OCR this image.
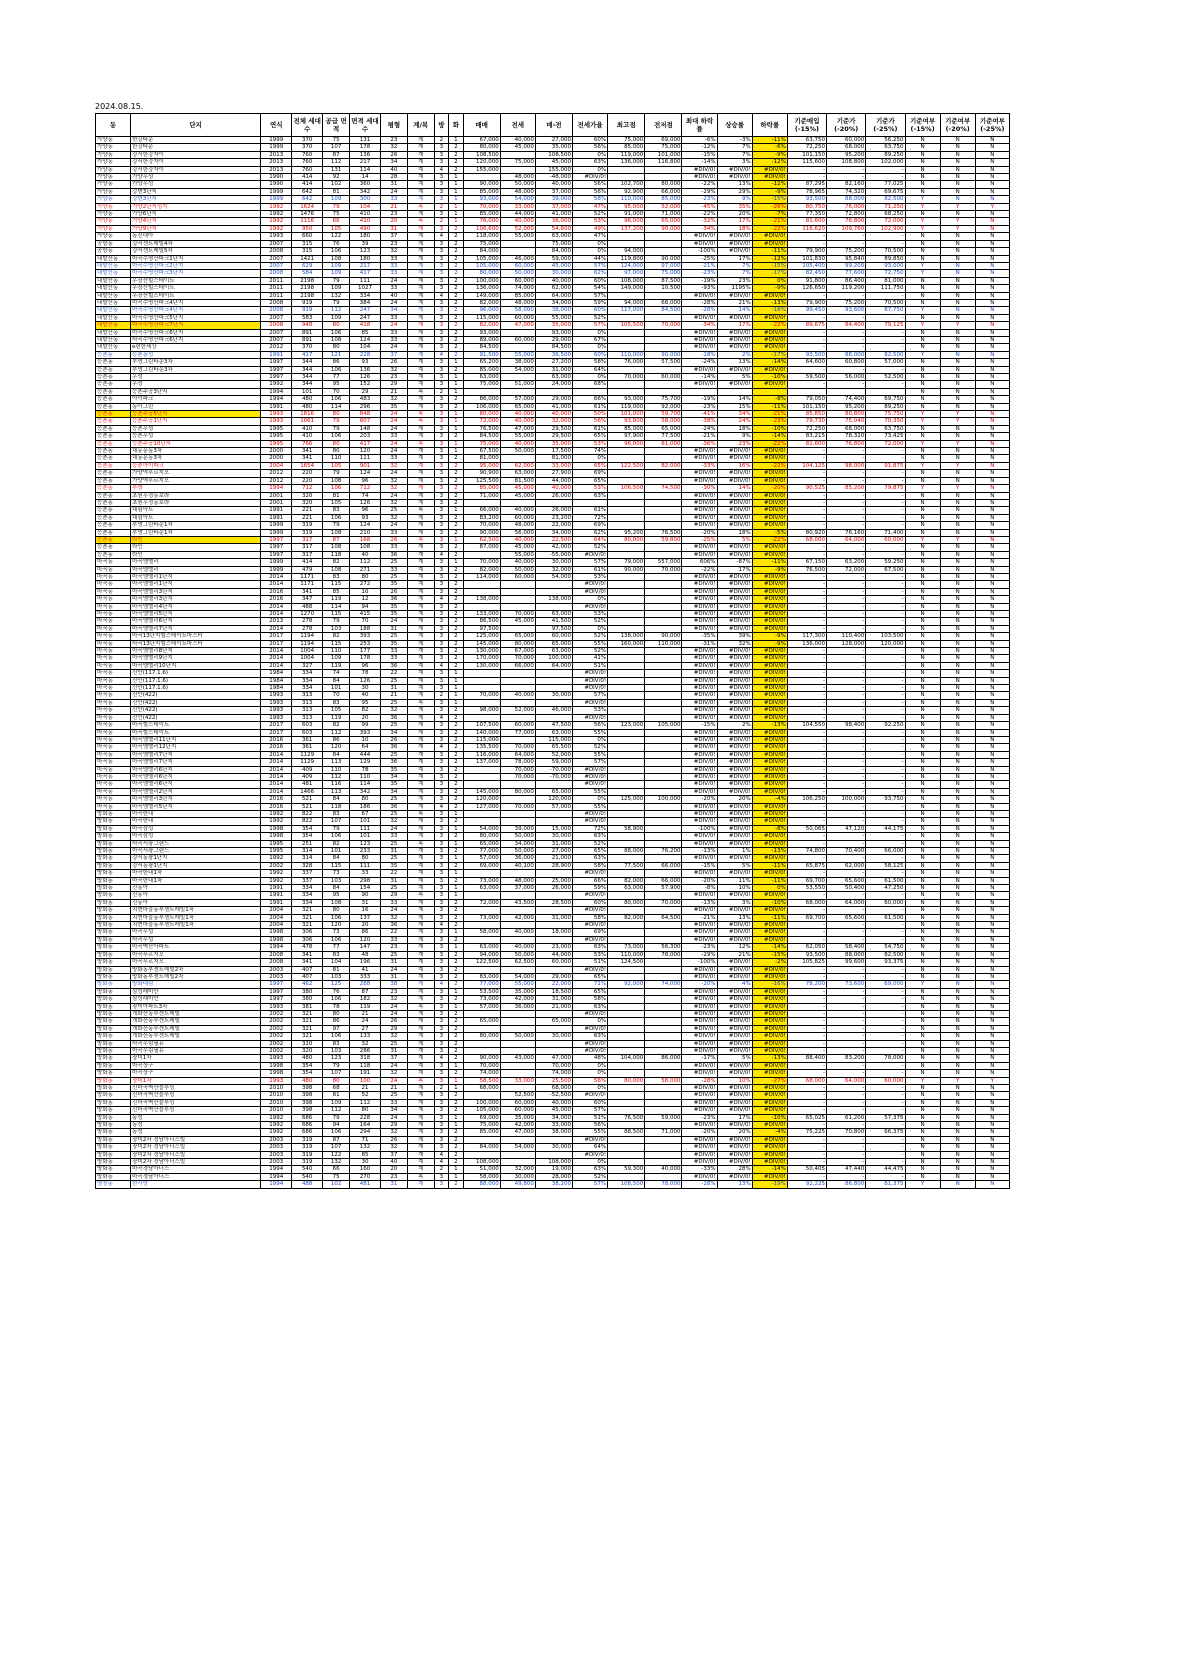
2024.08.15.
동	단지	연식	전체 세대수	공급 면적	면적 세대수	평형	계/복	방	화	매매	전세	매-전	전세가율	최고점	전저점	최대 하락률	상승률	하락률	기준매입 (-15%)	기준가 (-20%)	기준가 (-25%)	기준여부 (-15%)	기준여부 (-20%)	기준여부 (-25%)
가양동	한강타운	1999	370	75	131	23	계	2	1	67,000	40,000	27,000	60%	75,000	69,000	-6%	-3%	-11%	63,750	60,000	56,250	N	N	N
가양동	한강타운	1999	370	107	178	32	계	3	2	80,000	45,000	35,000	56%	85,000	75,000	-12%	7%	-6%	72,250	68,000	63,750	N	N	N
가양동	강서한강자이	2013	760	87	136	26	계	3	2	108,500		108,500	0%	119,000	101,000	-15%	7%	-9%	101,150	95,200	89,250	N	N	N
가양동	강서한강자이	2013	760	112	217	34	계	3	2	120,000	75,000	45,000	63%	136,000	116,800	-14%	3%	-12%	115,600	108,800	102,000	N	N	N
가양동	강서한강자이	2013	760	131	114	40	계	4	2	155,000		155,000	0%			#DIV/0!	#DIV/0!	#DIV/0!	-	-	-	N	N	N
가양동	가양우성	1990	414	92	14	28	계	3	1		48,000	-48,000	#DIV/0!			#DIV/0!	#DIV/0!	#DIV/0!	-	-	-	N	N	N
가양동	가양우성	1990	414	102	360	31	계	3	1	90,000	50,000	40,000	56%	102,700	80,000	-22%	13%	-12%	87,295	82,160	77,025	N	N	N
가양동	강변3단지	1999	642	81	342	24	계	3	1	85,000	48,000	37,000	56%	92,900	66,000	-29%	29%	-9%	78,965	74,320	69,675	N	N	N
가양동	강변3단지	1999	642	109	300	33	계	3	1	93,000	54,000	39,000	58%	110,000	85,000	-23%	9%	-15%	93,500	88,000	82,500	Y	N	N
가양동	가양2단지성지	1992	1624	79	104	21	복	2	1	70,000	33,000	37,000	47%	95,000	52,000	-45%	35%	-26%	80,750	76,000	71,250	Y	Y	Y
가양동	가양6단지	1992	1476	75	410	23	계	3	1	85,000	44,000	41,000	52%	91,000	71,000	-22%	20%	-7%	77,350	72,800	68,250	N	N	N
가양동	가양4단지	1992	1116	66	410	20	복	2	1	76,000	40,000	36,000	53%	96,000	65,000	-32%	17%	-21%	81,600	76,800	72,000	Y	Y	N
가양동	가양9단지	1992	950	105	490	31	계	3	2	106,600	52,000	54,600	49%	137,200	90,000	-34%	18%	-22%	116,620	109,760	102,900	Y	Y	N
가양동	동신대아	1993	660	122	180	37	계	4	2	118,000	55,000	63,000	47%			#DIV/0!	#DIV/0!	#DIV/0!	-	-	-	N	N	N
공항동	강서센트레빌4차	2007	315	76	39	23	계	3	2	75,000		75,000	0%			#DIV/0!	#DIV/0!	#DIV/0!	-	-	-	N	N	N
공항동	강서센트레빌5차	2008	315	106	123	32	계	3	2	84,000		84,000	0%	94,000		-100%	#DIV/0!	-11%	79,900	75,200	70,500	N	N	N
내발산동	마곡수명산파크1단지	2007	1421	108	180	33	계	3	2	105,000	46,000	59,000	44%	119,800	90,000	-25%	17%	-12%	101,830	95,840	89,850	N	N	N
내발산동	마곡수명산파크2단지	2007	629	109	217	33	계	3	2	105,000	60,000	45,000	57%	124,000	97,000	-21%	7%	-15%	105,400	99,200	93,000	Y	N	N
내발산동	마곡수명산파크3단지	2008	584	109	417	33	계	3	2	80,000	50,000	30,000	62%	97,000	75,000	-23%	7%	-17%	82,450	77,600	72,750	Y	N	N
내발산동	우장산힐스테이트	2011	2198	79	111	24	계	3	2	100,000	60,000	40,000	60%	108,000	87,500	-19%	23%	0%	91,800	86,400	81,000	N	N	N
내발산동	우장산힐스테이트	2011	2198	109	1027	33	계	3	2	136,000	74,000	62,000	54%	149,000	10,500	-93%	1195%	-9%	126,650	119,200	111,750	N	N	N
내발산동	우장산힐스테이트	2011	2198	132	334	40	계	4	2	149,000	85,000	64,000	57%			#DIV/0!	#DIV/0!	#DIV/0!	-	-	-	N	N	N
내발산동	마곡수명산파크4단지	2008	919	79	384	24	계	3	2	82,000	48,000	34,000	59%	94,000	68,000	-28%	21%	-13%	79,900	75,200	70,500	N	N	N
내발산동	마곡수명산파크4단지	2008	919	112	247	34	계	3	2	96,000	58,000	38,000	60%	117,000	84,500	-28%	14%	-18%	99,450	93,600	87,750	Y	N	N
내발산동	마곡수명산파크5단지	2007	583	109	247	33	계	3	2	115,000	60,000	55,000	52%			#DIV/0!	#DIV/0!	#DIV/0!	-	-	-	N	N	N
내발산동	마곡수명산파크7단지	2008	948	80	418	24	계	3	2	82,000	47,000	35,000	57%	105,500	70,000	-34%	17%	-22%	89,675	84,400	79,125	Y	Y	N
내발산동	마곡수명산파크6단지	2007	891	106	85	33	계	3	2	93,000		93,000	0%			#DIV/0!	#DIV/0!	#DIV/0!	-	-	-	N	N	N
내발산동	마곡수명산파크6단지	2007	891	108	124	33	계	3	2	89,000	60,000	29,000	67%			#DIV/0!	#DIV/0!	#DIV/0!	-	-	-	N	N	N
내발산동	e편한세상	2012	370	80	104	24	계	3	2	84,500		84,500	0%			#DIV/0!	#DIV/0!	#DIV/0!	-	-	-	N	N	N
등촌동	등촌동성	1991	417	121	228	37	계	4	2	91,500	55,000	36,500	60%	110,000	90,000	-18%	2%	-17%	93,500	88,000	82,500	Y	N	N
등촌동	부영그린타운3차	1997	344	86	93	26	계	3	1	65,200	38,000	27,200	58%	76,000	57,500	-24%	13%	-14%	64,600	60,800	57,000	N	N	N
등촌동	부영그린타운3차	1997	344	106	136	32	계	3	2	85,000	54,000	31,000	64%			#DIV/0!	#DIV/0!	#DIV/0!	-	-	-	N	N	N
등촌동	우성	1997	344	77	126	23	계	3	1	63,000		63,000	0%	70,000	60,000	-14%	5%	-10%	59,500	56,000	52,500	N	N	N
등촌동	우성	1992	344	95	152	29	계	3	1	75,000	51,000	24,000	68%			#DIV/0!	#DIV/0!	#DIV/0!	-	-	-	N	N	N
등촌동	등촌주공3단지	1994	101	70	29	21	복	2	1													N	N	N
등촌동	아이파크	1994	480	106	483	32	계	3	2	86,000	57,000	29,000	66%	93,000	75,700	-19%	14%	-8%	79,050	74,400	69,750	N	N	N
등촌동	동아그린	1991	480	114	296	35	계	3	2	106,000	65,000	41,000	61%	119,000	92,000	-23%	15%	-11%	101,150	95,200	89,250	N	N	N
등촌동	등촌주공5단지	1993	1816	80	848	24	복	3	1	80,000	40,000	40,000	50%	101,000	59,700	-41%	34%	-21%	85,850	80,800	75,750	Y	Y	N
등촌동	등촌주공1단지	1993	1061	79	807	24	복	3	1	72,000	40,000	32,000	56%	93,800	58,000	-38%	24%	-23%	79,730	75,040	70,350	Y	Y	N
등촌동	등촌우성	1995	410	79	148	24	계	3	1	76,500	47,000	29,500	61%	85,000	65,000	-24%	18%	-10%	72,250	68,000	63,750	N	N	N
등촌동	등촌우성	1995	410	106	203	33	계	3	2	84,500	55,000	29,500	65%	97,900	77,500	-21%	9%	-14%	83,215	78,320	73,425	N	N	N
등촌동	등촌주공10단지	1995	766	80	417	24	복	3	1	75,000	40,000	35,000	53%	96,000	61,000	-36%	23%	-22%	81,600	76,800	72,000	Y	Y	N
등촌동	대동문동3차	2000	341	80	120	24	계	3	1	67,500	50,000	17,500	74%			#DIV/0!	#DIV/0!	#DIV/0!	-	-	-	N	N	N
등촌동	대동문동3차	2000	341	110	111	33	계	3	2	81,000		81,000	0%			#DIV/0!	#DIV/0!	#DIV/0!	-	-	-	N	N	N
등촌동	등촌아이파크	2004	1654	105	901	32	계	3	2	95,000	62,000	33,000	65%	122,500	82,000	-33%	16%	-22%	104,125	98,000	91,875	Y	Y	N
등촌동	가양역푸르지오	2012	220	79	124	24	계	3	2	90,900	63,000	27,900	69%			#DIV/0!	#DIV/0!	#DIV/0!	-	-	-	N	N	N
등촌동	가양역푸르지오	2012	220	108	96	32	계	3	2	125,500	81,500	44,000	65%			#DIV/0!	#DIV/0!	#DIV/0!	-	-	-	N	N	N
등촌동	부영	1994	712	106	712	32	계	3	2	85,000	45,000	40,000	53%	106,500	74,500	-30%	14%	-20%	90,525	85,200	79,875	Y	Y	N
등촌동	초원우정동보라	2001	320	81	74	24	계	3	2	71,000	45,000	26,000	63%			#DIV/0!	#DIV/0!	#DIV/0!	-	-	-	N	N	N
등촌동	초원우정동보라	2001	320	105	126	32	계	3	2							#DIV/0!	#DIV/0!	#DIV/0!	-	-	-	N	N	N
등촌동	대림아트	1991	221	83	96	25	복	3	1	66,000	40,000	26,000	61%			#DIV/0!	#DIV/0!	#DIV/0!	-	-	-	N	N	N
등촌동	대림아트	1991	221	106	93	32	계	3	2	83,200	60,000	23,200	72%			#DIV/0!	#DIV/0!	#DIV/0!	-	-	-	N	N	N
등촌동	부영그린타운1차	1999	319	79	124	24	계	3	2	70,000	48,000	22,000	69%			#DIV/0!	#DIV/0!	#DIV/0!	-	-	-	N	N	N
등촌동	부영그린타운1차	1999	319	108	210	33	계	3	2	90,000	56,000	34,000	62%	95,200	76,500	-20%	18%	-5%	80,920	76,160	71,400	N	N	N
등촌동	라인	1997	317	87	168	26	복	3	1	62,500	40,000	22,500	64%	80,000	59,800	-25%	5%	-22%	68,000	64,000	60,000	Y	Y	N
등촌동	라인	1997	317	108	108	33	계	3	2	87,000	45,000	42,000	52%			#DIV/0!	#DIV/0!	#DIV/0!	-	-	-	N	N	N
등촌동	라인	1997	317	118	40	36	계	4	2		55,000	-55,000	#DIV/0!			#DIV/0!	#DIV/0!	#DIV/0!	-	-	-	N	N	N
마곡동	마곡엠밸리	1999	414	82	112	25	계	3	1	70,000	40,000	30,000	57%	79,000	557,000	606%	-87%	-11%	67,150	63,200	59,250	N	N	N
마곡동	마곡엠밸리	1999	479	108	271	33	계	3	2	82,000	50,000	32,000	61%	90,000	70,000	-22%	17%	-9%	76,500	72,000	67,500	N	N	N
마곡동	마곡엠밸리1단지	2014	1171	83	80	25	계	3	2	114,000	60,000	54,000	53%			#DIV/0!	#DIV/0!	#DIV/0!	-	-	-	N	N	N
마곡동	마곡엠밸리1단지	2014	1171	115	272	35	계	3	2				#DIV/0!			#DIV/0!	#DIV/0!	#DIV/0!	-	-	-	N	N	N
마곡동	마곡엠밸리3단지	2016	341	85	10	26	계	3	2				#DIV/0!			#DIV/0!	#DIV/0!	#DIV/0!	-	-	-	N	N	N
마곡동	마곡엠밸리3단지	2016	347	119	12	36	계	4	2	138,000		138,000	0%			#DIV/0!	#DIV/0!	#DIV/0!	-	-	-	N	N	N
마곡동	마곡엠밸리4단지	2014	488	114	94	35	계	3	2				#DIV/0!			#DIV/0!	#DIV/0!	#DIV/0!	-	-	-	N	N	N
마곡동	마곡엠밸리5단지	2014	1270	115	415	35	계	3	2	133,000	70,000	63,000	53%			#DIV/0!	#DIV/0!	#DIV/0!	-	-	-	N	N	N
마곡동	마곡엠밸리6단지	2013	278	79	70	24	계	3	2	86,500	45,000	41,500	52%			#DIV/0!	#DIV/0!	#DIV/0!	-	-	-	N	N	N
마곡동	마곡엠밸리7단지	2014	278	103	188	31	계	3	2	97,500		97,500	0%			#DIV/0!	#DIV/0!	#DIV/0!	-	-	-	N	N	N
마곡동	마곡13단지힐스테이트마스터	2017	1194	82	393	25	계	3	2	125,000	65,000	60,000	52%	138,000	90,000	-35%	39%	-9%	117,300	110,400	103,500	N	N	N
마곡동	마곡13단지힐스테이트마스터	2017	1194	115	253	35	계	3	2	145,000	80,000	65,000	55%	160,000	110,000	-31%	32%	-9%	136,000	128,000	120,000	N	N	N
마곡동	마곡엠밸리8단지	2014	1004	110	177	33	계	3	2	130,000	67,000	63,000	52%			#DIV/0!	#DIV/0!	#DIV/0!	-	-	-	N	N	N
마곡동	마곡엠밸리9단지	2014	1004	109	178	33	계	3	2	170,000	70,000	100,000	41%			#DIV/0!	#DIV/0!	#DIV/0!	-	-	-	N	N	N
마곡동	마곡엠밸리10단지	2014	327	119	96	36	계	4	2	130,000	66,000	64,000	51%			#DIV/0!	#DIV/0!	#DIV/0!	-	-	-	N	N	N
마곡동	신안(117.1.6)	1984	334	74	78	22	계	3	1				#DIV/0!			#DIV/0!	#DIV/0!	#DIV/0!	-	-	-	N	N	N
마곡동	신안(117.1.6)	1984	334	84	126	25	계	3	1				#DIV/0!			#DIV/0!	#DIV/0!	#DIV/0!	-	-	-	N	N	N
마곡동	신안(117.1.6)	1984	334	101	30	31	계	3	1				#DIV/0!			#DIV/0!	#DIV/0!	#DIV/0!	-	-	-	N	N	N
마곡동	신안(422)	1993	313	70	40	21	계	2	1	70,000	40,000	30,000	57%			#DIV/0!	#DIV/0!	#DIV/0!	-	-	-	N	N	N
마곡동	신안(422)	1993	313	83	95	25	복	3	1				#DIV/0!			#DIV/0!	#DIV/0!	#DIV/0!	-	-	-	N	N	N
마곡동	신안(422)	1993	313	105	82	32	계	3	2	98,000	52,000	46,000	53%			#DIV/0!	#DIV/0!	#DIV/0!	-	-	-	N	N	N
마곡동	신안(422)	1993	313	119	20	36	계	4	2				#DIV/0!			#DIV/0!	#DIV/0!	#DIV/0!	-	-	-	N	N	N
마곡동	마곡힐스테이트	2017	603	82	99	25	계	3	2	107,500	60,000	47,500	56%	123,000	105,000	-15%	2%	-13%	104,550	98,400	92,250	N	N	N
마곡동	마곡힐스테이트	2017	603	112	393	34	계	3	2	140,000	77,000	63,000	55%			#DIV/0!	#DIV/0!	#DIV/0!	-	-	-	N	N	N
마곡동	마곡엠밸리11단지	2016	361	86	10	26	계	3	2	115,000		115,000	0%			#DIV/0!	#DIV/0!	#DIV/0!	-	-	-	N	N	N
마곡동	마곡엠밸리12단지	2016	361	120	64	36	계	4	2	135,500	70,000	65,500	52%			#DIV/0!	#DIV/0!	#DIV/0!	-	-	-	N	N	N
마곡동	마곡엠밸리7단지	2014	1129	84	444	25	계	3	2	116,000	64,000	52,000	55%			#DIV/0!	#DIV/0!	#DIV/0!	-	-	-	N	N	N
마곡동	마곡엠밸리7단지	2014	1129	113	129	36	계	3	2	137,000	78,000	59,000	57%			#DIV/0!	#DIV/0!	#DIV/0!	-	-	-	N	N	N
마곡동	마곡엠밸리6단지	2014	409	110	78	35	계	3	2		70,000	-70,000	#DIV/0!			#DIV/0!	#DIV/0!	#DIV/0!	-	-	-	N	N	N
마곡동	마곡엠밸리6단지	2014	409	112	110	34	계	3	2		70,000	-70,000	#DIV/0!			#DIV/0!	#DIV/0!	#DIV/0!	-	-	-	N	N	N
마곡동	마곡엠밸리6단지	2014	481	116	114	35	계	3	2				#DIV/0!			#DIV/0!	#DIV/0!	#DIV/0!	-	-	-	N	N	N
마곡동	마곡엠밸리2단지	2014	1466	113	342	34	계	3	2	145,000	80,000	65,000	55%			#DIV/0!	#DIV/0!	#DIV/0!	-	-	-	N	N	N
마곡동	마곡엠밸리3단지	2016	521	84	80	25	계	3	2	120,000		120,000	0%	125,000	100,000	-20%	20%	-4%	106,250	100,000	93,750	N	N	N
마곡동	마곡엠밸리5단지	2016	521	118	186	36	계	4	2	127,000	70,000	57,000	55%			#DIV/0!	#DIV/0!	#DIV/0!	-	-	-	N	N	N
방화동	마곡한내	1992	822	83	67	25	복	3	1				#DIV/0!			#DIV/0!	#DIV/0!	#DIV/0!	-	-	-	N	N	N
방화동	마곡한내	1992	822	107	101	32	계	3	2				#DIV/0!			#DIV/0!	#DIV/0!	#DIV/0!	-	-	-	N	N	N
방화동	마곡삼성	1998	354	79	111	24	계	3	1	54,000	39,000	15,000	72%	58,900		-100%	#DIV/0!	-8%	50,065	47,120	44,175	N	N	N
방화동	마곡삼성	1998	354	106	101	33	계	3	2	80,000	50,000	30,000	63%			#DIV/0!	#DIV/0!	#DIV/0!	-	-	-	N	N	N
방화동	마곡서광그랜드	1995	251	82	123	25	복	3	1	65,000	34,000	31,000	52%			#DIV/0!	#DIV/0!	#DIV/0!	-	-	-	N	N	N
방화동	마곡서광그랜드	1995	314	101	233	31	계	3	2	77,000	50,000	27,000	65%	88,000	76,200	-13%	1%	-13%	74,800	70,400	66,000	N	N	N
방화동	강서동광1단지	1992	314	84	80	25	계	3	1	57,000	36,000	21,000	63%			#DIV/0!	#DIV/0!	#DIV/0!	-	-	-	N	N	N
방화동	강서동광1단지	2002	328	115	111	35	계	3	2	69,000	40,100	28,900	58%	77,500	66,000	-15%	5%	-11%	65,875	62,000	58,125	N	N	N
방화동	마곡한내1차	1992	337	73	33	22	계	3	1				#DIV/0!			#DIV/0!	#DIV/0!	#DIV/0!	-	-	-	N	N	N
방화동	마곡한내1차	1992	337	103	298	31	계	3	2	73,000	48,000	25,000	66%	82,000	66,000	-20%	11%	-11%	69,700	65,600	61,500	N	N	N
방화동	신동아	1991	334	84	154	25	계	3	1	63,000	37,000	26,000	59%	63,000	57,900	-8%	10%	0%	53,550	50,400	47,250	N	N	N
방화동	신동아	1991	334	95	90	29	복	3	1				#DIV/0!			#DIV/0!	#DIV/0!	#DIV/0!	-	-	-	N	N	N
방화동	신동아	1991	334	108	31	33	계	3	2	72,000	43,500	28,500	60%	80,000	70,000	-13%	3%	-10%	68,000	64,000	60,000	N	N	N
방화동	치현마을동부센트레빌1차	2004	321	80	16	24	계	3	2				#DIV/0!			#DIV/0!	#DIV/0!	#DIV/0!	-	-	-	N	N	N
방화동	치현마을동부센트레빌1차	2004	321	106	137	32	계	3	2	73,000	42,000	31,000	58%	82,000	64,500	-21%	13%	-11%	69,700	65,600	61,500	N	N	N
방화동	치현마을동부센트레빌1차	2004	321	120	20	36	계	4	2				#DIV/0!			#DIV/0!	#DIV/0!	#DIV/0!	-	-	-	N	N	N
방화동	마곡우성	1998	306	73	86	22	계	3	1	58,000	40,000	18,000	69%			#DIV/0!	#DIV/0!	#DIV/0!	-	-	-	N	N	N
방화동	마곡우성	1998	306	106	120	33	계	3	2				#DIV/0!			#DIV/0!	#DIV/0!	#DIV/0!	-	-	-	N	N	N
방화동	마곡벽산아파트	1994	478	77	147	23	계	3	1	63,000	40,000	23,000	63%	73,000	56,300	-23%	12%	-14%	62,050	58,400	54,750	N	N	N
방화동	마곡푸르지오	2008	341	83	48	25	계	3	2	94,000	50,000	44,000	53%	110,000	78,000	-29%	21%	-15%	93,500	88,000	82,500	N	N	N
방화동	마곡푸르지오	2008	341	104	196	31	계	3	2	122,500	62,500	60,000	51%	124,500		-100%	#DIV/0!	-2%	105,825	99,600	93,375	N	N	N
방화동	방화동부센트레빌2차	2003	407	81	41	24	계	3	2				#DIV/0!			#DIV/0!	#DIV/0!	#DIV/0!	-	-	-	N	N	N
방화동	방화동부센트레빌2차	2003	407	103	333	31	계	3	2	83,000	54,000	29,000	65%			#DIV/0!	#DIV/0!	#DIV/0!	-	-	-	N	N	N
방화동	방화대림	1997	462	125	288	38	계	4	2	77,000	55,000	22,000	71%	92,000	74,000	-20%	4%	-16%	78,200	73,600	69,000	Y	N	N
방화동	삼성래미안	1997	380	76	87	23	계	3	1	53,500	35,000	18,500	65%			#DIV/0!	#DIV/0!	#DIV/0!	-	-	-	N	N	N
방화동	삼성래미안	1997	380	106	182	32	계	3	2	73,000	42,000	31,000	58%			#DIV/0!	#DIV/0!	#DIV/0!	-	-	-	N	N	N
방화동	장미아파트3차	1993	381	78	119	24	복	3	1	57,000	36,000	21,000	63%			#DIV/0!	#DIV/0!	#DIV/0!	-	-	-	N	N	N
방화동	개화산동부센트레빌	2002	321	80	21	24	계	3	2				#DIV/0!			#DIV/0!	#DIV/0!	#DIV/0!	-	-	-	N	N	N
방화동	개화산동부센트레빌	2002	321	86	24	26	계	3	2	65,000		65,000	0%			#DIV/0!	#DIV/0!	#DIV/0!	-	-	-	N	N	N
방화동	개화산동부센트레빌	2002	321	97	27	29	계	3	2				#DIV/0!			#DIV/0!	#DIV/0!	#DIV/0!	-	-	-	N	N	N
방화동	개화산동부센트레빌	2002	321	106	133	32	계	3	2	80,000	50,000	30,000	63%			#DIV/0!	#DIV/0!	#DIV/0!	-	-	-	N	N	N
방화동	마곡우림필유	2002	320	83	32	25	계	3	2				#DIV/0!			#DIV/0!	#DIV/0!	#DIV/0!	-	-	-	N	N	N
방화동	마곡우림필유	2002	320	103	286	31	계	3	2				#DIV/0!			#DIV/0!	#DIV/0!	#DIV/0!	-	-	-	N	N	N
방화동	장미1차	1993	480	123	318	37	계	4	2	90,000	43,000	47,000	48%	104,000	86,000	-17%	5%	-13%	88,400	83,200	78,000	N	N	N
방화동	마곡상구	1998	354	79	118	24	계	3	1	70,000		70,000	0%			#DIV/0!	#DIV/0!	#DIV/0!	-	-	-	N	N	N
방화동	마곡상구	1998	354	107	191	32	계	3	2	74,000		74,000	0%			#DIV/0!	#DIV/0!	#DIV/0!	-	-	-	N	N	N
방화동	장미1차	1993	480	80	100	24	복	3	1	58,500	33,000	25,500	56%	80,000	58,000	-28%	10%	-27%	68,000	64,000	60,000	Y	Y	Y
방화동	신마곡벽산블루밍	2010	398	68	21	21	계	2	1	68,000		68,000	0%			#DIV/0!	#DIV/0!	#DIV/0!	-	-	-	N	N	N
방화동	신마곡벽산블루밍	2010	398	81	52	25	계	3	2		52,500	-52,500	#DIV/0!			#DIV/0!	#DIV/0!	#DIV/0!	-	-	-	N	N	N
방화동	신마곡벽산블루밍	2010	398	109	112	33	계	3	2	100,000	60,000	40,000	60%			#DIV/0!	#DIV/0!	#DIV/0!	-	-	-	N	N	N
방화동	신마곡벽산블루밍	2010	398	112	80	34	계	3	2	105,000	60,000	45,000	57%			#DIV/0!	#DIV/0!	#DIV/0!	-	-	-	N	N	N
방화동	동성	1992	686	79	228	24	계	3	1	69,000	35,000	34,000	51%	76,500	59,000	-23%	17%	-10%	65,025	61,200	57,375	N	N	N
방화동	동성	1992	686	94	164	29	계	3	1	75,000	42,000	33,000	56%			#DIV/0!	#DIV/0!	#DIV/0!	-	-	-	N	N	N
방화동	동성	1992	686	106	294	32	계	3	2	85,000	47,000	38,000	55%	88,500	71,000	-20%	20%	-4%	75,225	70,800	66,375	N	N	N
방화동	장미2차 경남아너스빌	2003	319	87	71	26	계	3	2				#DIV/0!			#DIV/0!	#DIV/0!	#DIV/0!	-	-	-	N	N	N
방화동	장미2차 경남아너스빌	2003	319	107	132	32	계	3	2	84,000	54,000	30,000	64%			#DIV/0!	#DIV/0!	#DIV/0!	-	-	-	N	N	N
방화동	장미2차 경남아너스빌	2003	319	122	85	37	계	4	2				#DIV/0!			#DIV/0!	#DIV/0!	#DIV/0!	-	-	-	N	N	N
방화동	장미2차 경남아너스빌	2003	319	132	30	40	계	4	2	108,000		108,000	0%			#DIV/0!	#DIV/0!	#DIV/0!	-	-	-	N	N	N
방화동	마곡경남아너스	1994	540	66	160	20	계	2	1	51,000	32,000	19,000	63%	59,300	40,000	-33%	28%	-14%	50,405	47,440	44,475	N	N	N
방화동	마곡경남아너스	1994	540	75	270	23	복	3	1	58,000	30,000	28,000	52%			#DIV/0!	#DIV/0!	#DIV/0!	-	-	-	N	N	N
염창동	한사랑	1994	488	102	481	31	계	3	2	88,000	49,800	38,200	57%	108,500	78,000	-28%	13%	-19%	92,225	86,800	81,375	Y	N	N
